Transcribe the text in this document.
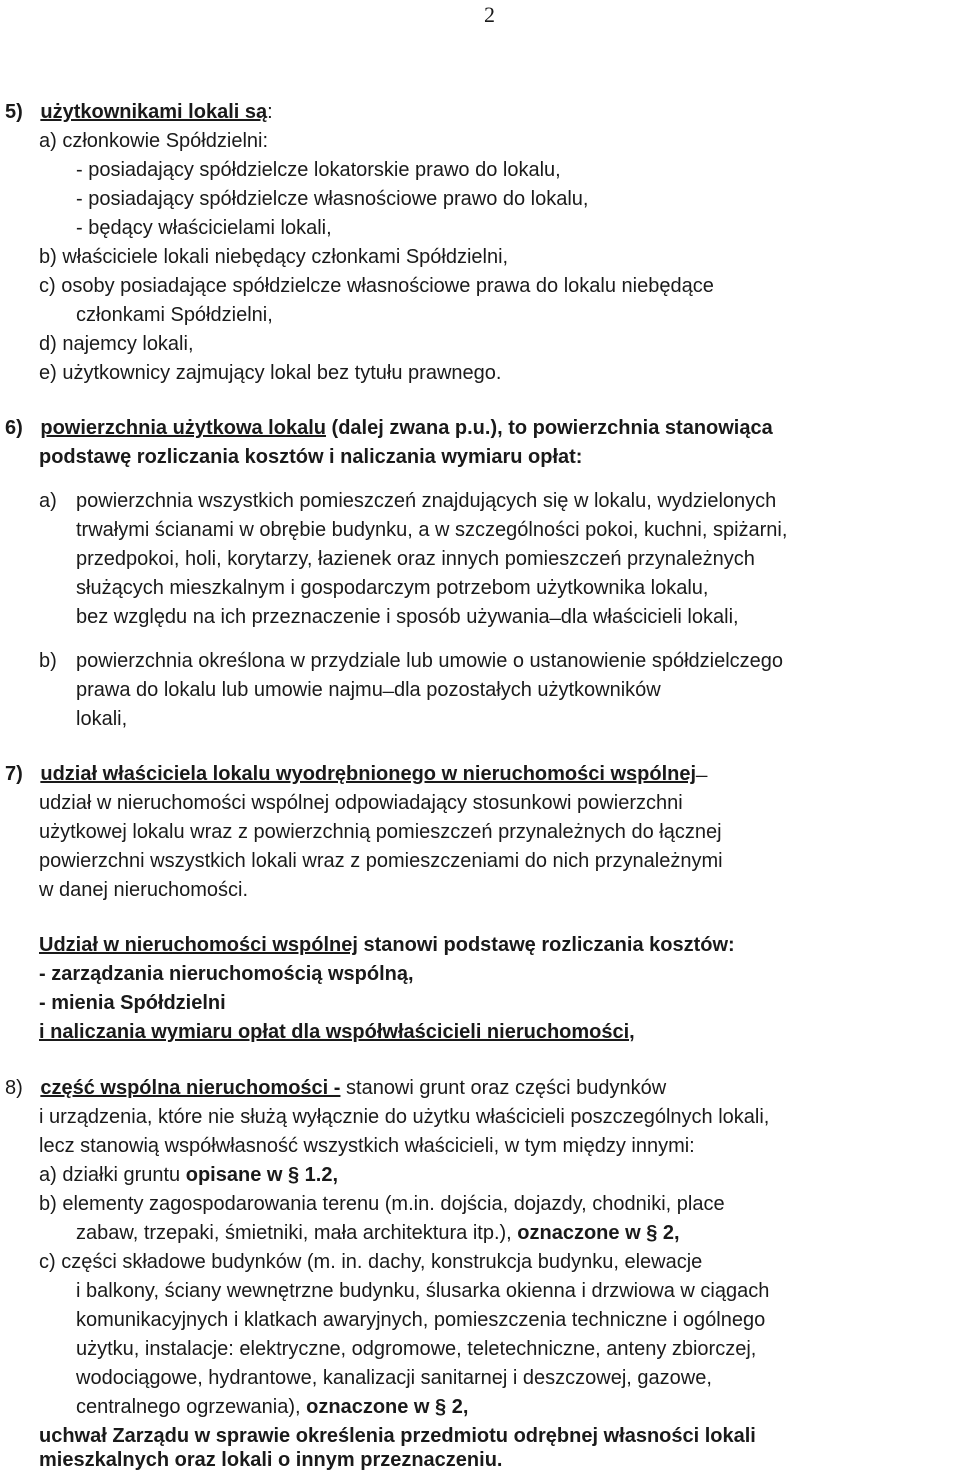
2
5) użytkownikami lokali są:
a) członkowie Spółdzielni:
- posiadający spółdzielcze lokatorskie prawo do lokalu,
- posiadający spółdzielcze własnościowe prawo do lokalu,
- będący właścicielami lokali,
b) właściciele lokali niebędący członkami Spółdzielni,
c) osoby posiadające spółdzielcze własnościowe prawa do lokalu niebędące
członkami Spółdzielni,
d) najemcy lokali,
e) użytkownicy zajmujący lokal bez tytułu prawnego.
6) powierzchnia użytkowa lokalu (dalej zwana p.u.), to powierzchnia stanowiąca
podstawę rozliczania kosztów i naliczania wymiaru opłat:
a) powierzchnia wszystkich pomieszczeń znajdujących się w lokalu, wydzielonych
trwałymi ścianami w obrębie budynku, a w szczególności pokoi, kuchni, spiżarni,
przedpokoi, holi, korytarzy, łazienek oraz innych pomieszczeń przynależnych
służących mieszkalnym i gospodarczym potrzebom użytkownika lokalu,
bez względu na ich przeznaczenie i sposób używania ̶ dla właścicieli lokali,
b) powierzchnia określona w przydziale lub umowie o ustanowienie spółdzielczego
prawa do lokalu lub umowie najmu ̶ dla pozostałych użytkowników
lokali,
7) udział właściciela lokalu wyodrębnionego w nieruchomości wspólnej ̶
udział w nieruchomości wspólnej odpowiadający stosunkowi powierzchni
użytkowej lokalu wraz z powierzchnią pomieszczeń przynależnych do łącznej
powierzchni wszystkich lokali wraz z pomieszczeniami do nich przynależnymi
w danej nieruchomości.
Udział w nieruchomości wspólnej stanowi podstawę rozliczania kosztów:
- zarządzania nieruchomością wspólną,
- mienia Spółdzielni
i naliczania wymiaru opłat dla współwłaścicieli nieruchomości,
8) część wspólna nieruchomości - stanowi grunt oraz części budynków
i urządzenia, które nie służą wyłącznie do użytku właścicieli poszczególnych lokali,
lecz stanowią współwłasność wszystkich właścicieli, w tym między innymi:
a) działki gruntu opisane w § 1.2,
b) elementy zagospodarowania terenu (m.in. dojścia, dojazdy, chodniki, place
zabaw, trzepaki, śmietniki, mała architektura itp.), oznaczone w § 2,
c) części składowe budynków (m. in. dachy, konstrukcja budynku, elewacje
i balkony, ściany wewnętrzne budynku, ślusarka okienna i drzwiowa w ciągach
komunikacyjnych i klatkach awaryjnych, pomieszczenia techniczne i ogólnego
użytku, instalacje: elektryczne, odgromowe, teletechniczne, anteny zbiorczej,
wodociągowe, hydrantowe, kanalizacji sanitarnej i deszczowej, gazowe,
centralnego ogrzewania), oznaczone w § 2,
uchwał Zarządu w sprawie określenia przedmiotu odrębnej własności lokali
mieszkalnych oraz lokali o innym przeznaczeniu.
